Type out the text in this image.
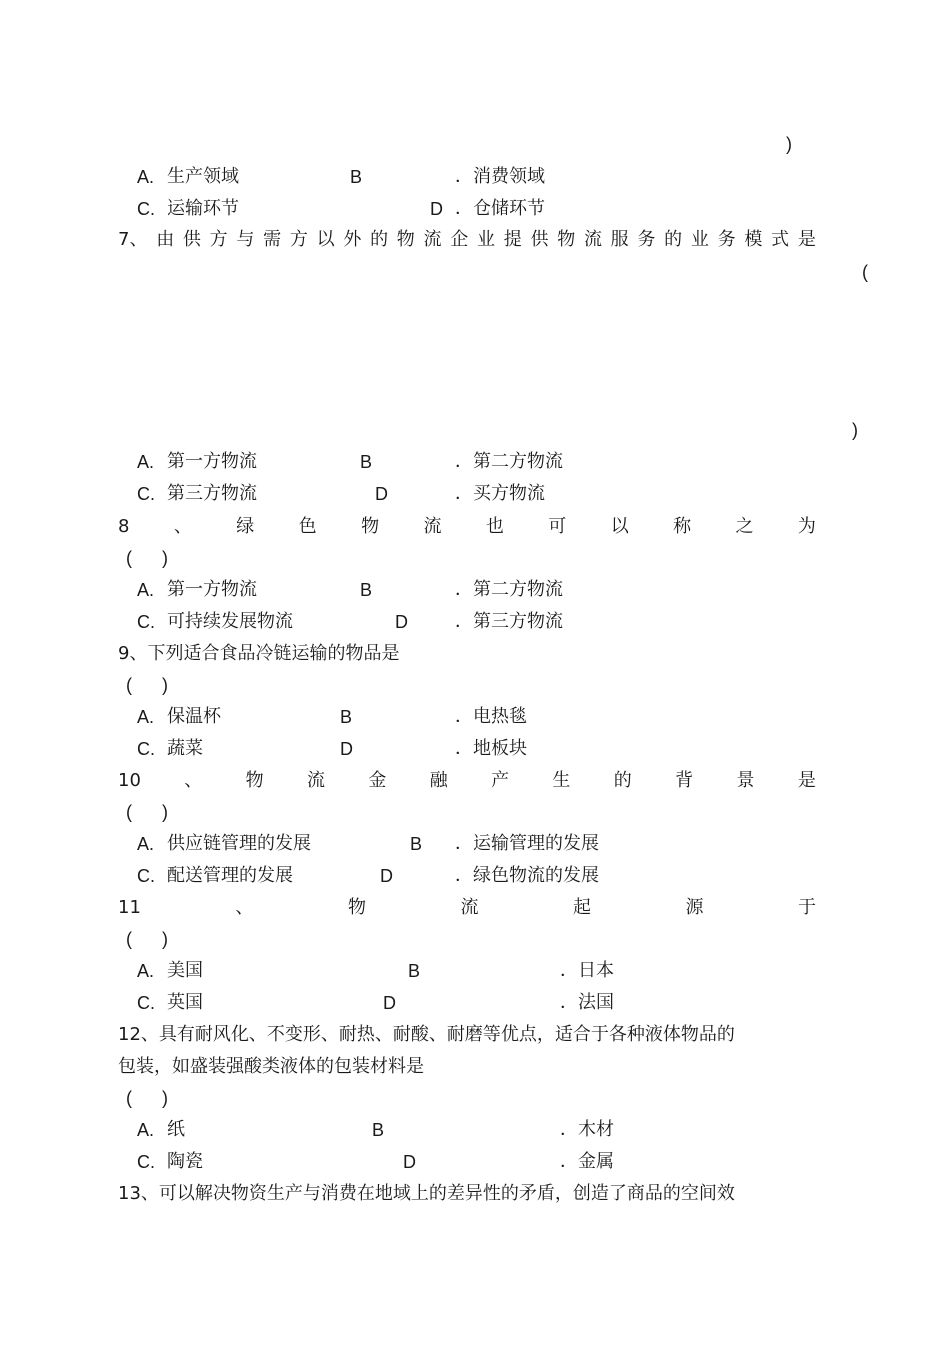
)
A. 生产领域	B	．消费领域
C. 运输环节	D ．仓储环节
7、 由 供 方 与 需 方 以 外 的 物 流 企 业 提 供 物 流 服 务 的 业 务 模 式 是
(
)
A. 第一方物流	B	．第二方物流
C. 第三方物流	D	．买方物流
8 、 绿 色 物 流 也 可 以 称 之 为
(      )
A. 第一方物流	B	．第二方物流
C. 可持续发展物流	D	．第三方物流
9、下列适合食品冷链运输的物品是
(      )
A. 保温杯	B	．电热毯
C. 蔬菜	D	．地板块
10 、 物 流 金 融 产 生 的 背 景 是
(      )
A. 供应链管理的发展	B ．运输管理的发展
C. 配送管理的发展	D	．绿色物流的发展
11	、	物	流	起	源	于
(      )
A. 美国	B	．日本
C. 英国	D	．法国
12、具有耐风化、不变形、耐热、耐酸、耐磨等优点，适合于各种液体物品的
包装，如盛装强酸类液体的包装材料是
(      )
A. 纸	B	．木材
C. 陶瓷	D	．金属
13、可以解决物资生产与消费在地域上的差异性的矛盾，创造了商品的空间效
